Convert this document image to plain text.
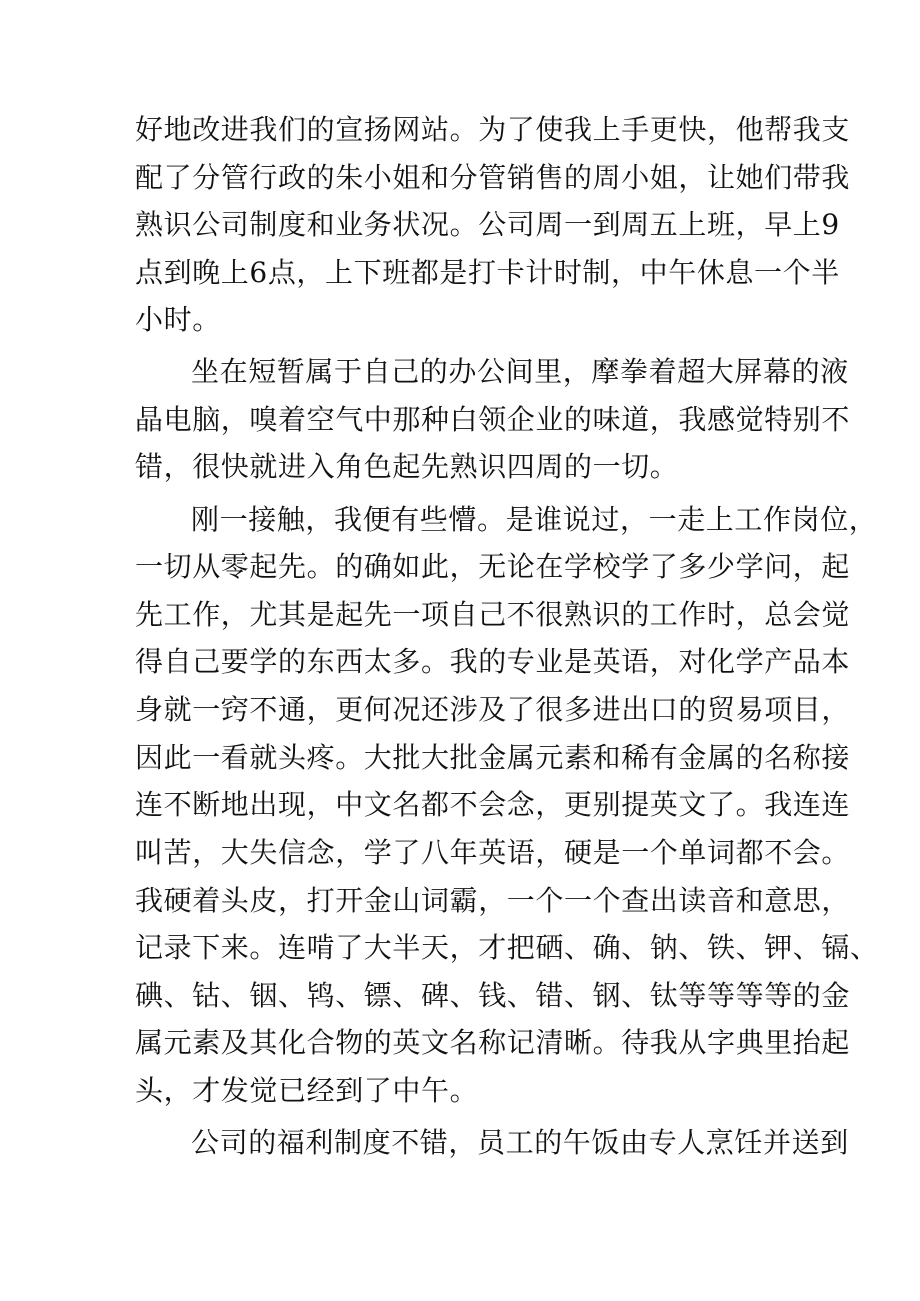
好地改进我们的宣扬网站。为了使我上手更快，他帮我支
配了分管行政的朱小姐和分管销售的周小姐，让她们带我
熟识公司制度和业务状况。公司周一到周五上班，早上9
点到晚上6点，上下班都是打卡计时制，中午休息一个半
小时。
坐在短暂属于自己的办公间里，摩拳着超大屏幕的液
晶电脑，嗅着空气中那种白领企业的味道，我感觉特别不
错，很快就进入角色起先熟识四周的一切。
刚一接触，我便有些懵。是谁说过，一走上工作岗位，
一切从零起先。的确如此，无论在学校学了多少学问，起
先工作，尤其是起先一项自己不很熟识的工作时，总会觉
得自己要学的东西太多。我的专业是英语，对化学产品本
身就一窍不通，更何况还涉及了很多进出口的贸易项目，
因此一看就头疼。大批大批金属元素和稀有金属的名称接
连不断地出现，中文名都不会念，更别提英文了。我连连
叫苦，大失信念，学了八年英语，硬是一个单词都不会。
我硬着头皮，打开金山词霸，一个一个查出读音和意思，
记录下来。连啃了大半天，才把硒、确、钠、铁、钾、镉、
碘、钴、铟、鸨、镖、碑、钱、错、钢、钛等等等等的金
属元素及其化合物的英文名称记清晰。待我从字典里抬起
头，才发觉已经到了中午。
公司的福利制度不错，员工的午饭由专人烹饪并送到
